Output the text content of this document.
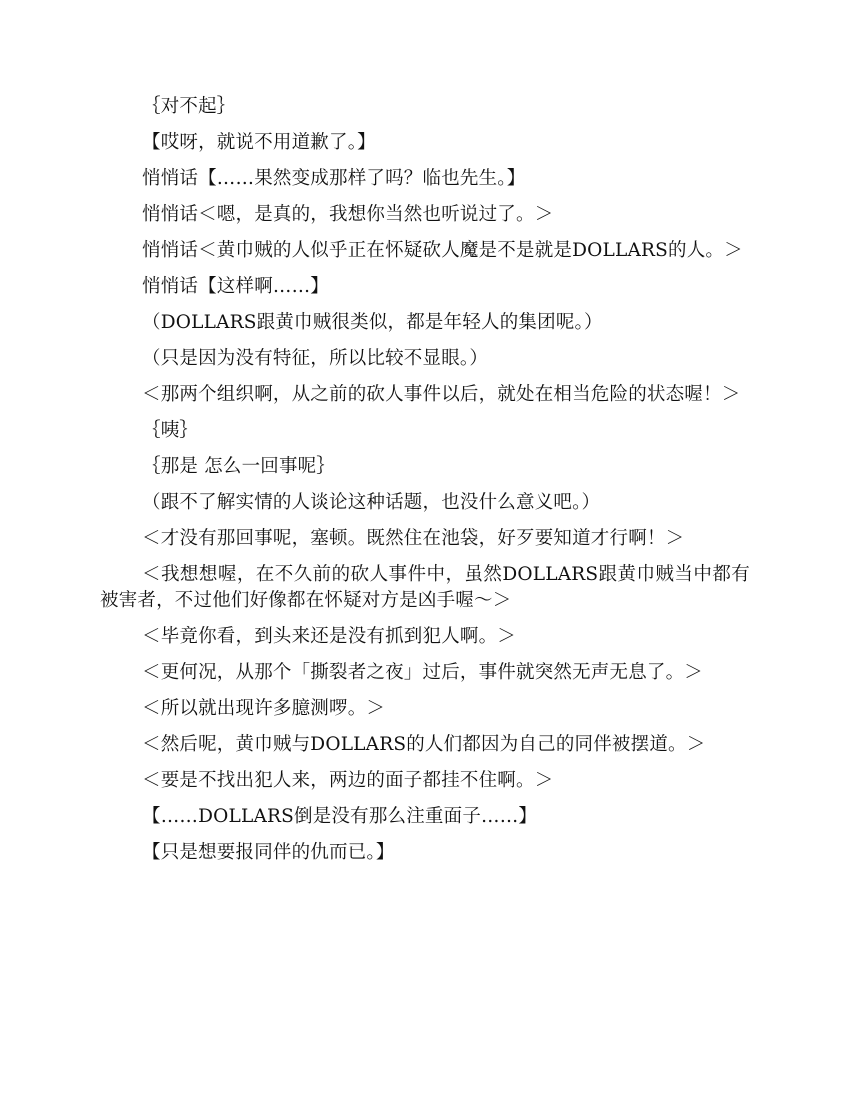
｛对不起｝

【哎呀，就说不用道歉了。】

悄悄话【……果然变成那样了吗？临也先生。】

悄悄话＜嗯，是真的，我想你当然也听说过了。＞

悄悄话＜黄巾贼的人似乎正在怀疑砍人魔是不是就是DOLLARS的人。＞

悄悄话【这样啊……】

（DOLLARS跟黄巾贼很类似，都是年轻人的集团呢。）

（只是因为没有特征，所以比较不显眼。）

＜那两个组织啊，从之前的砍人事件以后，就处在相当危险的状态喔！＞

｛咦｝

｛那是 怎么一回事呢｝

（跟不了解实情的人谈论这种话题，也没什么意义吧。）

＜才没有那回事呢，塞顿。既然住在池袋，好歹要知道才行啊！＞

＜我想想喔，在不久前的砍人事件中，虽然DOLLARS跟黄巾贼当中都有被害者，不过他们好像都在怀疑对方是凶手喔～＞

＜毕竟你看，到头来还是没有抓到犯人啊。＞

＜更何况，从那个「撕裂者之夜」过后，事件就突然无声无息了。＞

＜所以就出现许多臆测啰。＞

＜然后呢，黄巾贼与DOLLARS的人们都因为自己的同伴被摆道。＞

＜要是不找出犯人来，两边的面子都挂不住啊。＞

【……DOLLARS倒是没有那么注重面子……】

【只是想要报同伴的仇而已。】
